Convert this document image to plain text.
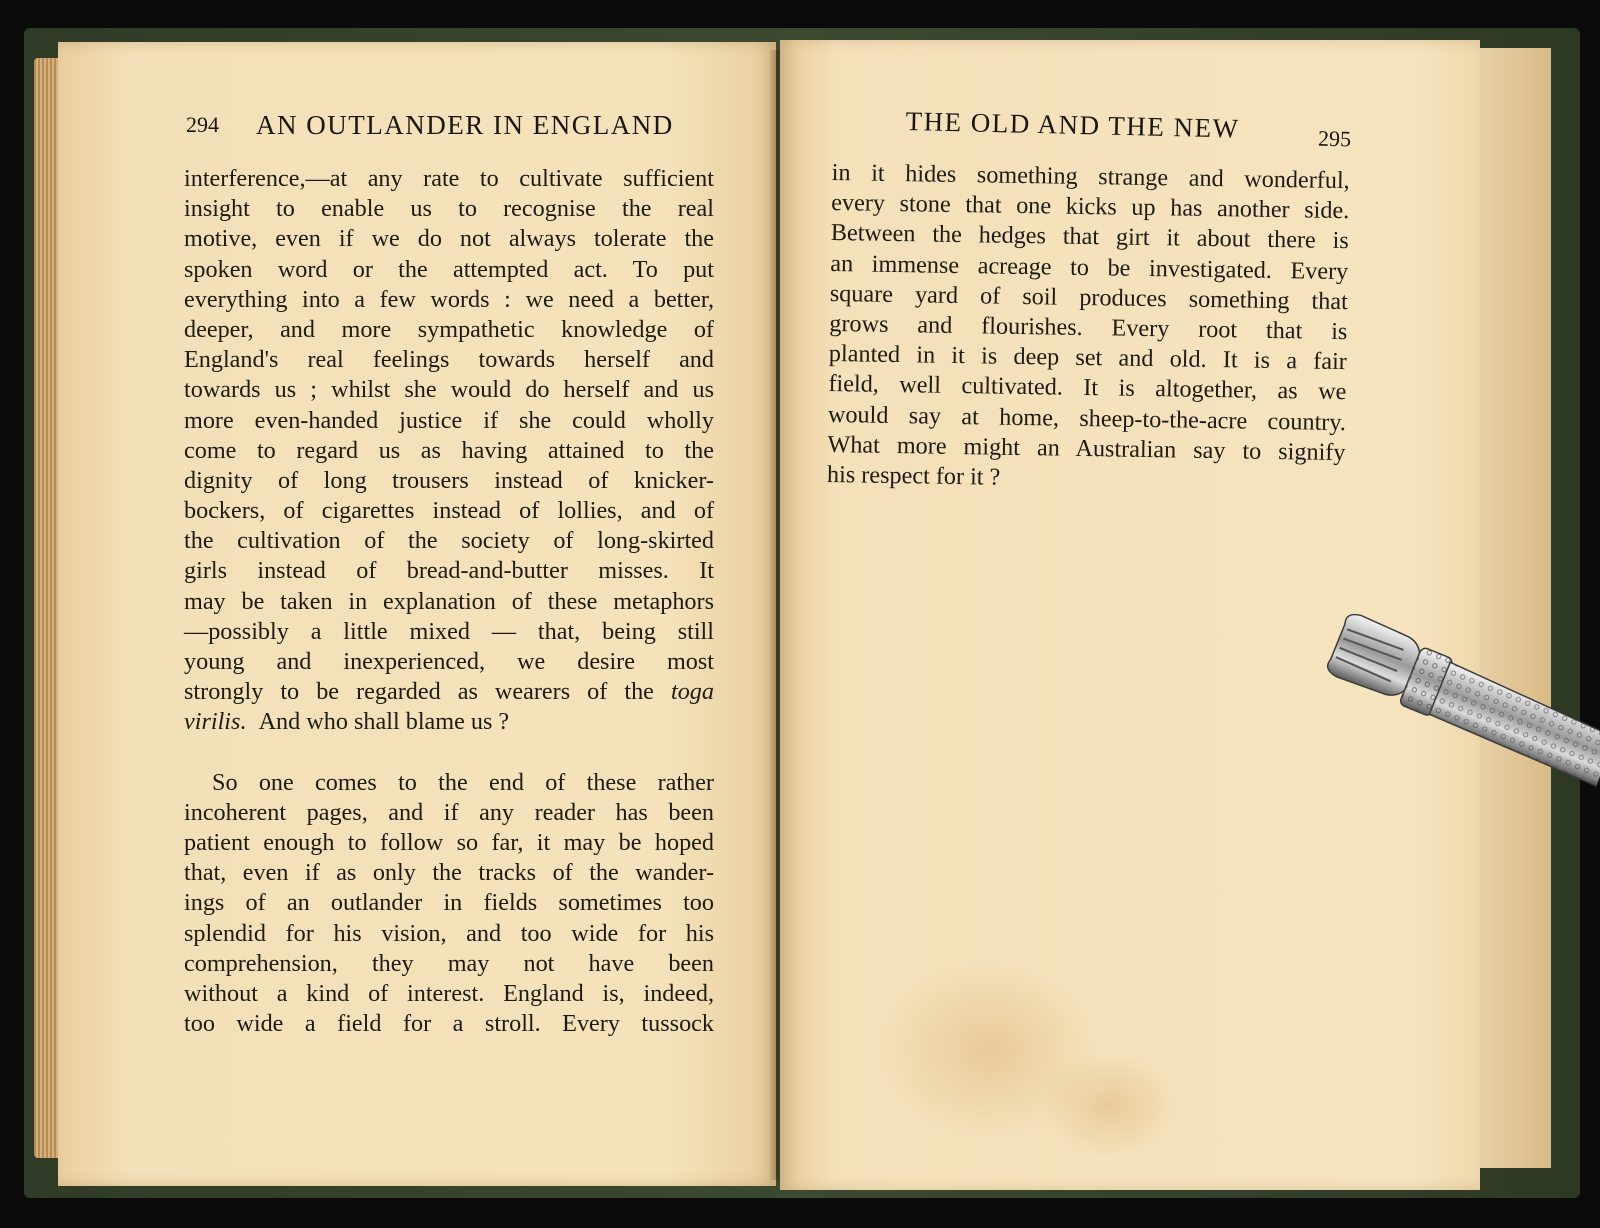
294 AN OUTLANDER IN ENGLAND
interference,—at any rate to cultivate sufficient
insight to enable us to recognise the real
motive, even if we do not always tolerate the
spoken word or the attempted act. To put
everything into a few words : we need a better,
deeper, and more sympathetic knowledge of
England's real feelings towards herself and
towards us ; whilst she would do herself and us
more even-handed justice if she could wholly
come to regard us as having attained to the
dignity of long trousers instead of knicker-
bockers, of cigarettes instead of lollies, and of
the cultivation of the society of long-skirted
girls instead of bread-and-butter misses. It
may be taken in explanation of these metaphors
—possibly a little mixed — that, being still
young and inexperienced, we desire most
strongly to be regarded as wearers of the toga
virilis. And who shall blame us ?
So one comes to the end of these rather
incoherent pages, and if any reader has been
patient enough to follow so far, it may be hoped
that, even if as only the tracks of the wander-
ings of an outlander in fields sometimes too
splendid for his vision, and too wide for his
comprehension, they may not have been
without a kind of interest. England is, indeed,
too wide a field for a stroll. Every tussock
THE OLD AND THE NEW	295
in it hides something strange and wonderful,
every stone that one kicks up has another side.
Between the hedges that girt it about there is
an immense acreage to be investigated. Every
square yard of soil produces something that
grows and flourishes. Every root that is
planted in it is deep set and old. It is a fair
field, well cultivated. It is altogether, as we
would say at home, sheep-to-the-acre country.
What more might an Australian say to signify
his respect for it ?
